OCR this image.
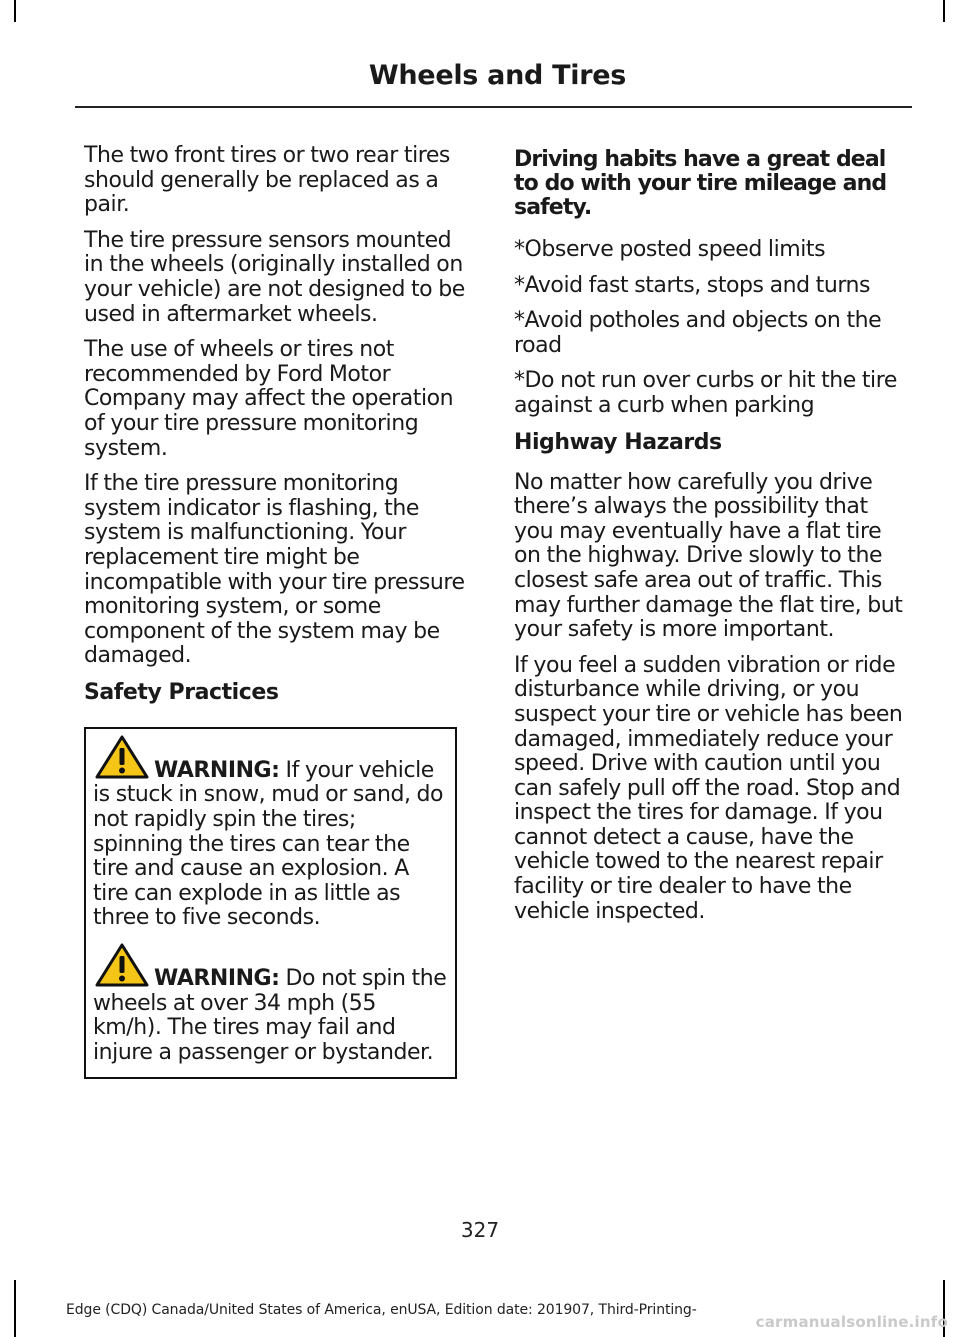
Wheels and Tires

The two front tires or two rear tires should generally be replaced as a pair.

The tire pressure sensors mounted in the wheels (originally installed on your vehicle) are not designed to be used in aftermarket wheels.

The use of wheels or tires not recommended by Ford Motor Company may affect the operation of your tire pressure monitoring system.

If the tire pressure monitoring system indicator is flashing, the system is malfunctioning. Your replacement tire might be incompatible with your tire pressure monitoring system, or some component of the system may be damaged.

Safety Practices

WARNING: If your vehicle is stuck in snow, mud or sand, do not rapidly spin the tires; spinning the tires can tear the tire and cause an explosion. A tire can explode in as little as three to five seconds.

WARNING: Do not spin the wheels at over 34 mph (55 km/h). The tires may fail and injure a passenger or bystander.

Driving habits have a great deal to do with your tire mileage and safety.

*Observe posted speed limits

*Avoid fast starts, stops and turns

*Avoid potholes and objects on the road

*Do not run over curbs or hit the tire against a curb when parking

Highway Hazards

No matter how carefully you drive there’s always the possibility that you may eventually have a flat tire on the highway. Drive slowly to the closest safe area out of traffic. This may further damage the flat tire, but your safety is more important.

If you feel a sudden vibration or ride disturbance while driving, or you suspect your tire or vehicle has been damaged, immediately reduce your speed. Drive with caution until you can safely pull off the road. Stop and inspect the tires for damage. If you cannot detect a cause, have the vehicle towed to the nearest repair facility or tire dealer to have the vehicle inspected.

327
Edge (CDQ) Canada/United States of America, enUSA, Edition date: 201907, Third-Printing-
carmanualsonline.info
